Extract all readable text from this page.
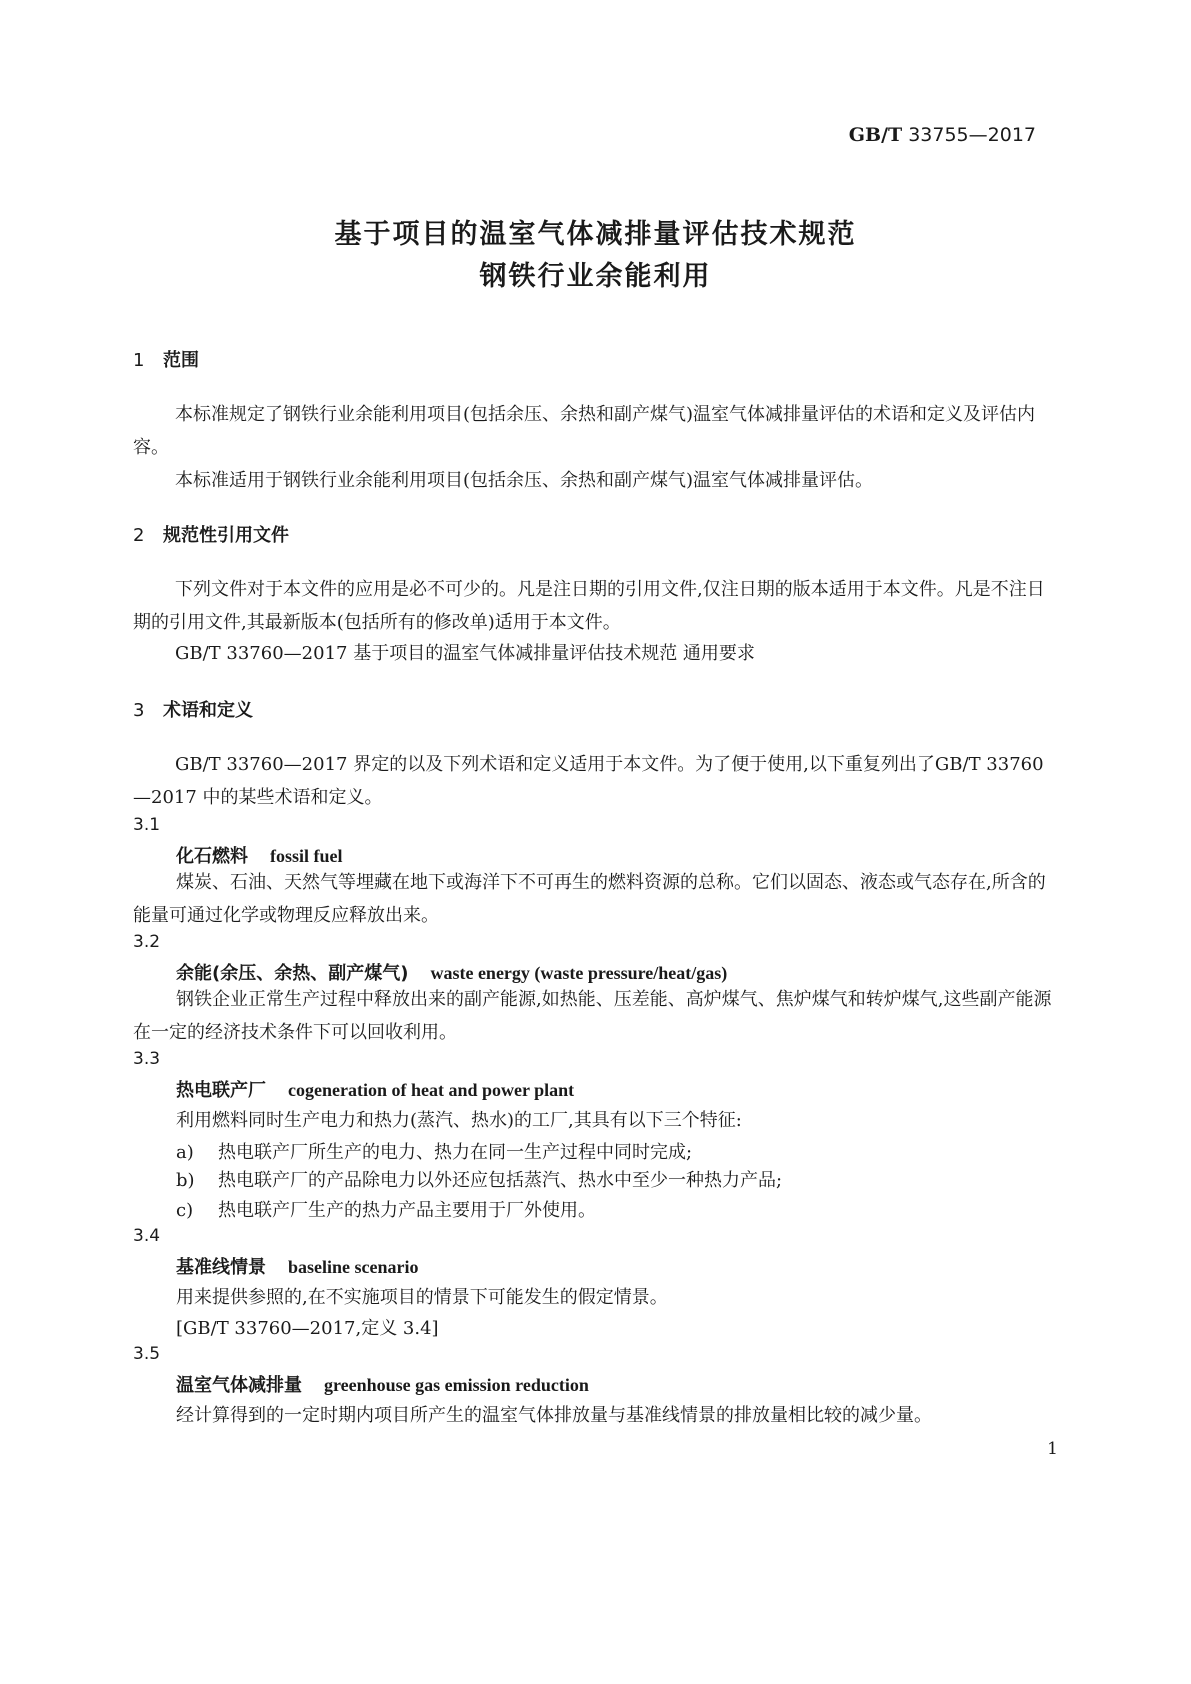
GB/T 33755—2017
基于项目的温室气体减排量评估技术规范
钢铁行业余能利用
1 范围
本标准规定了钢铁行业余能利用项目(包括余压、余热和副产煤气)温室气体减排量评估的术语和定义及评估内容。
本标准适用于钢铁行业余能利用项目(包括余压、余热和副产煤气)温室气体减排量评估。
2 规范性引用文件
下列文件对于本文件的应用是必不可少的。凡是注日期的引用文件,仅注日期的版本适用于本文件。凡是不注日期的引用文件,其最新版本(包括所有的修改单)适用于本文件。
GB/T 33760—2017 基于项目的温室气体减排量评估技术规范 通用要求
3 术语和定义
GB/T 33760—2017 界定的以及下列术语和定义适用于本文件。为了便于使用,以下重复列出了GB/T 33760—2017 中的某些术语和定义。
3.1
化石燃料 fossil fuel
煤炭、石油、天然气等埋藏在地下或海洋下不可再生的燃料资源的总称。它们以固态、液态或气态存在,所含的能量可通过化学或物理反应释放出来。
3.2
余能(余压、余热、副产煤气) waste energy (waste pressure/heat/gas)
钢铁企业正常生产过程中释放出来的副产能源,如热能、压差能、高炉煤气、焦炉煤气和转炉煤气,这些副产能源在一定的经济技术条件下可以回收利用。
3.3
热电联产厂 cogeneration of heat and power plant
利用燃料同时生产电力和热力(蒸汽、热水)的工厂,其具有以下三个特征:
a) 热电联产厂所生产的电力、热力在同一生产过程中同时完成;
b) 热电联产厂的产品除电力以外还应包括蒸汽、热水中至少一种热力产品;
c) 热电联产厂生产的热力产品主要用于厂外使用。
3.4
基准线情景 baseline scenario
用来提供参照的,在不实施项目的情景下可能发生的假定情景。
[GB/T 33760—2017,定义 3.4]
3.5
温室气体减排量 greenhouse gas emission reduction
经计算得到的一定时期内项目所产生的温室气体排放量与基准线情景的排放量相比较的减少量。
1
